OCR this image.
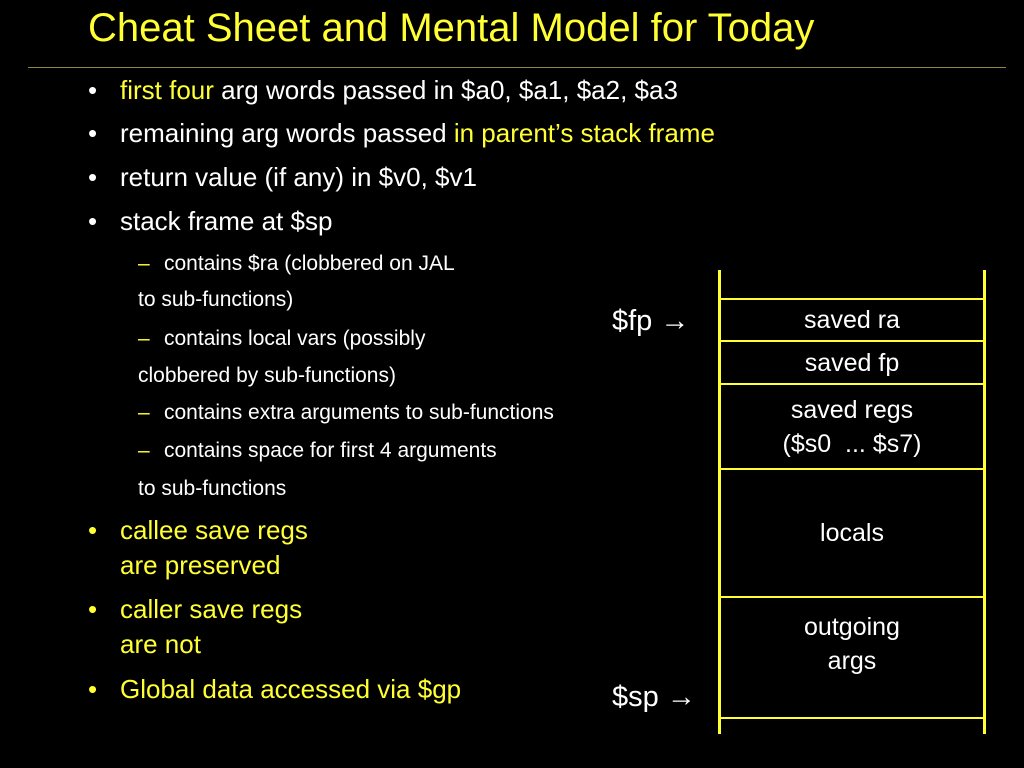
Cheat Sheet and Mental Model for Today
• first four arg words passed in $a0, $a1, $a2, $a3
• remaining arg words passed in parent’s stack frame
• return value (if any) in $v0, $v1
• stack frame at $sp
– contains $ra (clobbered on JAL
to sub-functions)
– contains local vars (possibly
clobbered by sub-functions)
– contains extra arguments to sub-functions
– contains space for first 4 arguments
to sub-functions
• callee save regs
are preserved
• caller save regs
are not
• Global data accessed via $gp
$fp →
$sp →
saved ra
saved fp
saved regs
($s0  ... $s7)
locals
outgoing
args
